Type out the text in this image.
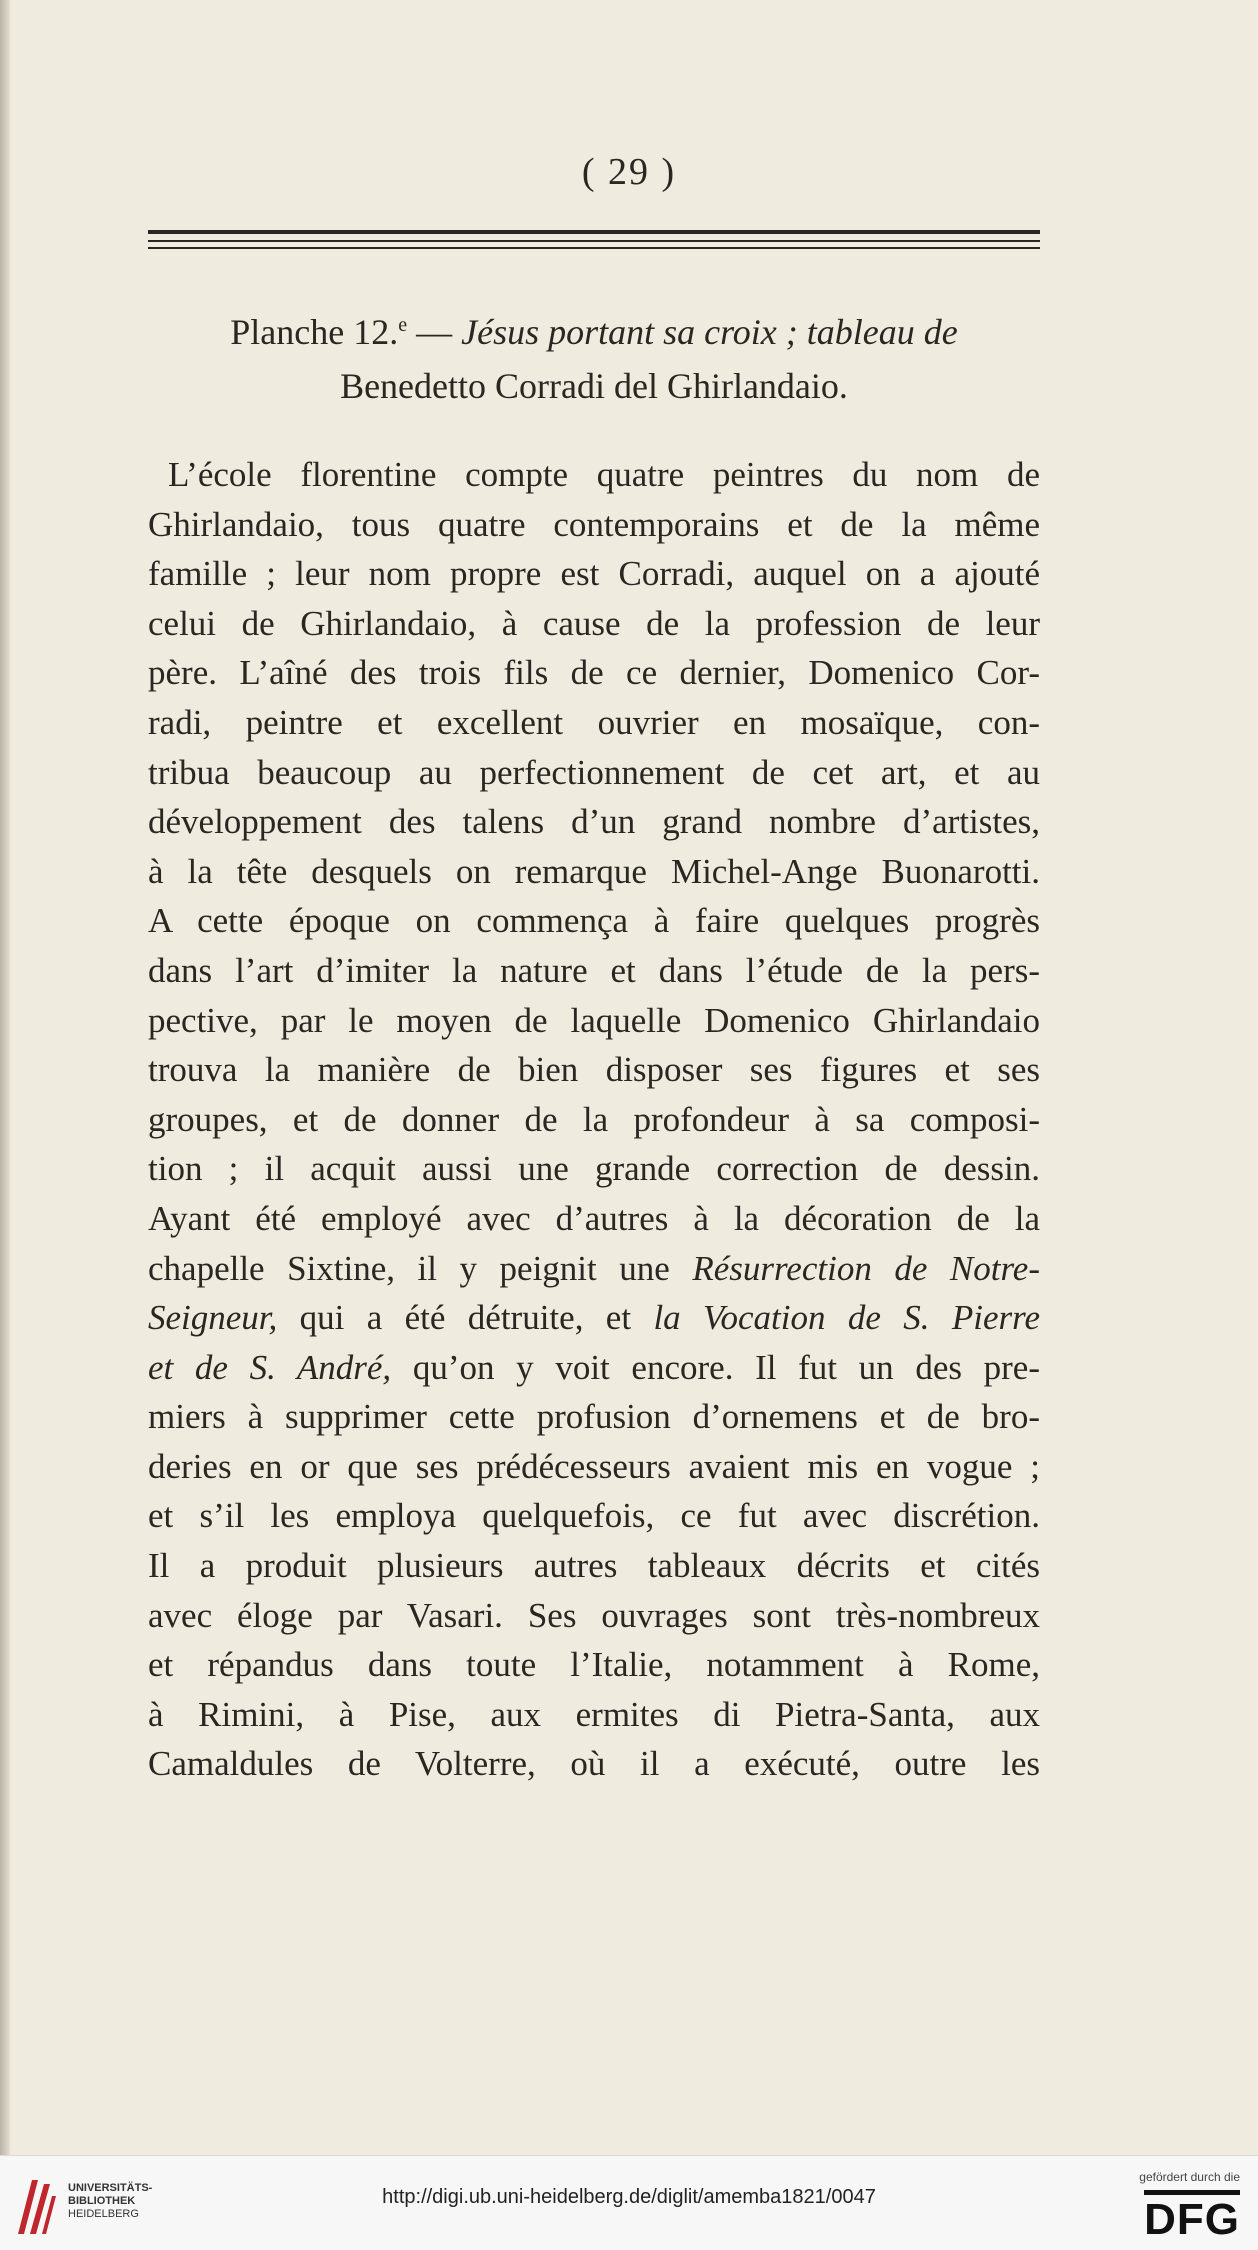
( 29 )
Planche 12.$^e$ — Jésus portant sa croix ; tableau de
Benedetto Corradi del Ghirlandaio.
L’école florentine compte quatre peintres du nom de
Ghirlandaio, tous quatre contemporains et de la même
famille ; leur nom propre est Corradi, auquel on a ajouté
celui de Ghirlandaio, à cause de la profession de leur
père. L’aîné des trois fils de ce dernier, Domenico Cor-
radi, peintre et excellent ouvrier en mosaïque, con-
tribua beaucoup au perfectionnement de cet art, et au
développement des talens d’un grand nombre d’artistes,
à la tête desquels on remarque Michel-Ange Buonarotti.
A cette époque on commença à faire quelques progrès
dans l’art d’imiter la nature et dans l’étude de la pers-
pective, par le moyen de laquelle Domenico Ghirlandaio
trouva la manière de bien disposer ses figures et ses
groupes, et de donner de la profondeur à sa composi-
tion ; il acquit aussi une grande correction de dessin.
Ayant été employé avec d’autres à la décoration de la
chapelle Sixtine, il y peignit une Résurrection de Notre-
Seigneur, qui a été détruite, et la Vocation de S. Pierre
et de S. André, qu’on y voit encore. Il fut un des pre-
miers à supprimer cette profusion d’ornemens et de bro-
deries en or que ses prédécesseurs avaient mis en vogue ;
et s’il les employa quelquefois, ce fut avec discrétion.
Il a produit plusieurs autres tableaux décrits et cités
avec éloge par Vasari. Ses ouvrages sont très-nombreux
et répandus dans toute l’Italie, notamment à Rome,
à Rimini, à Pise, aux ermites di Pietra-Santa, aux
Camaldules de Volterre, où il a exécuté, outre les
UNIVERSITÄTS-
BIBLIOTHEK
HEIDELBERG
http://digi.ub.uni-heidelberg.de/diglit/amemba1821/0047
gefördert durch die
DFG
